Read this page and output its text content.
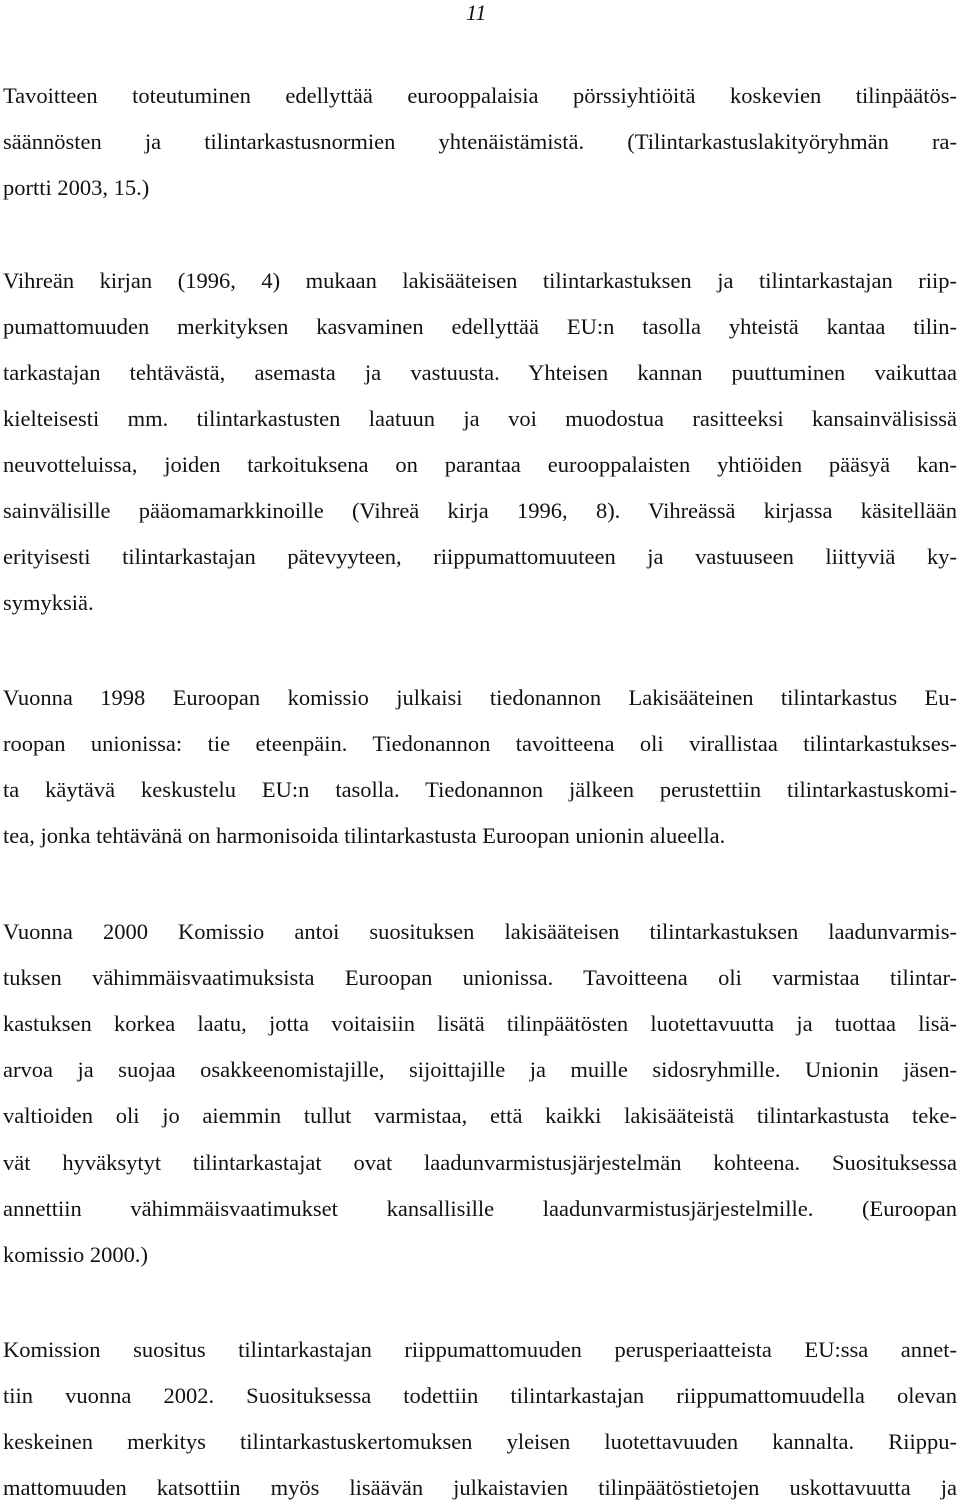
11
Tavoitteen toteutuminen edellyttää eurooppalaisia pörssiyhtiöitä koskevien tilinpäätös-
säännösten ja tilintarkastusnormien yhtenäistämistä. (Tilintarkastuslakityöryhmän ra-
portti 2003, 15.)
Vihreän kirjan (1996, 4) mukaan lakisääteisen tilintarkastuksen ja tilintarkastajan riip-
pumattomuuden merkityksen kasvaminen edellyttää EU:n tasolla yhteistä kantaa tilin-
tarkastajan tehtävästä, asemasta ja vastuusta. Yhteisen kannan puuttuminen vaikuttaa
kielteisesti mm. tilintarkastusten laatuun ja voi muodostua rasitteeksi kansainvälisissä
neuvotteluissa, joiden tarkoituksena on parantaa eurooppalaisten yhtiöiden pääsyä kan-
sainvälisille pääomamarkkinoille (Vihreä kirja 1996, 8). Vihreässä kirjassa käsitellään
erityisesti tilintarkastajan pätevyyteen, riippumattomuuteen ja vastuuseen liittyviä ky-
symyksiä.
Vuonna 1998 Euroopan komissio julkaisi tiedonannon Lakisääteinen tilintarkastus Eu-
roopan unionissa: tie eteenpäin. Tiedonannon tavoitteena oli virallistaa tilintarkastukses-
ta käytävä keskustelu EU:n tasolla. Tiedonannon jälkeen perustettiin tilintarkastuskomi-
tea, jonka tehtävänä on harmonisoida tilintarkastusta Euroopan unionin alueella.
Vuonna 2000 Komissio antoi suosituksen lakisääteisen tilintarkastuksen laadunvarmis-
tuksen vähimmäisvaatimuksista Euroopan unionissa. Tavoitteena oli varmistaa tilintar-
kastuksen korkea laatu, jotta voitaisiin lisätä tilinpäätösten luotettavuutta ja tuottaa lisä-
arvoa ja suojaa osakkeenomistajille, sijoittajille ja muille sidosryhmille. Unionin jäsen-
valtioiden oli jo aiemmin tullut varmistaa, että kaikki lakisääteistä tilintarkastusta teke-
vät hyväksytyt tilintarkastajat ovat laadunvarmistusjärjestelmän kohteena. Suosituksessa
annettiin vähimmäisvaatimukset kansallisille laadunvarmistusjärjestelmille. (Euroopan
komissio 2000.)
Komission suositus tilintarkastajan riippumattomuuden perusperiaatteista EU:ssa annet-
tiin vuonna 2002. Suosituksessa todettiin tilintarkastajan riippumattomuudella olevan
keskeinen merkitys tilintarkastuskertomuksen yleisen luotettavuuden kannalta. Riippu-
mattomuuden katsottiin myös lisäävän julkaistavien tilinpäätöstietojen uskottavuutta ja
